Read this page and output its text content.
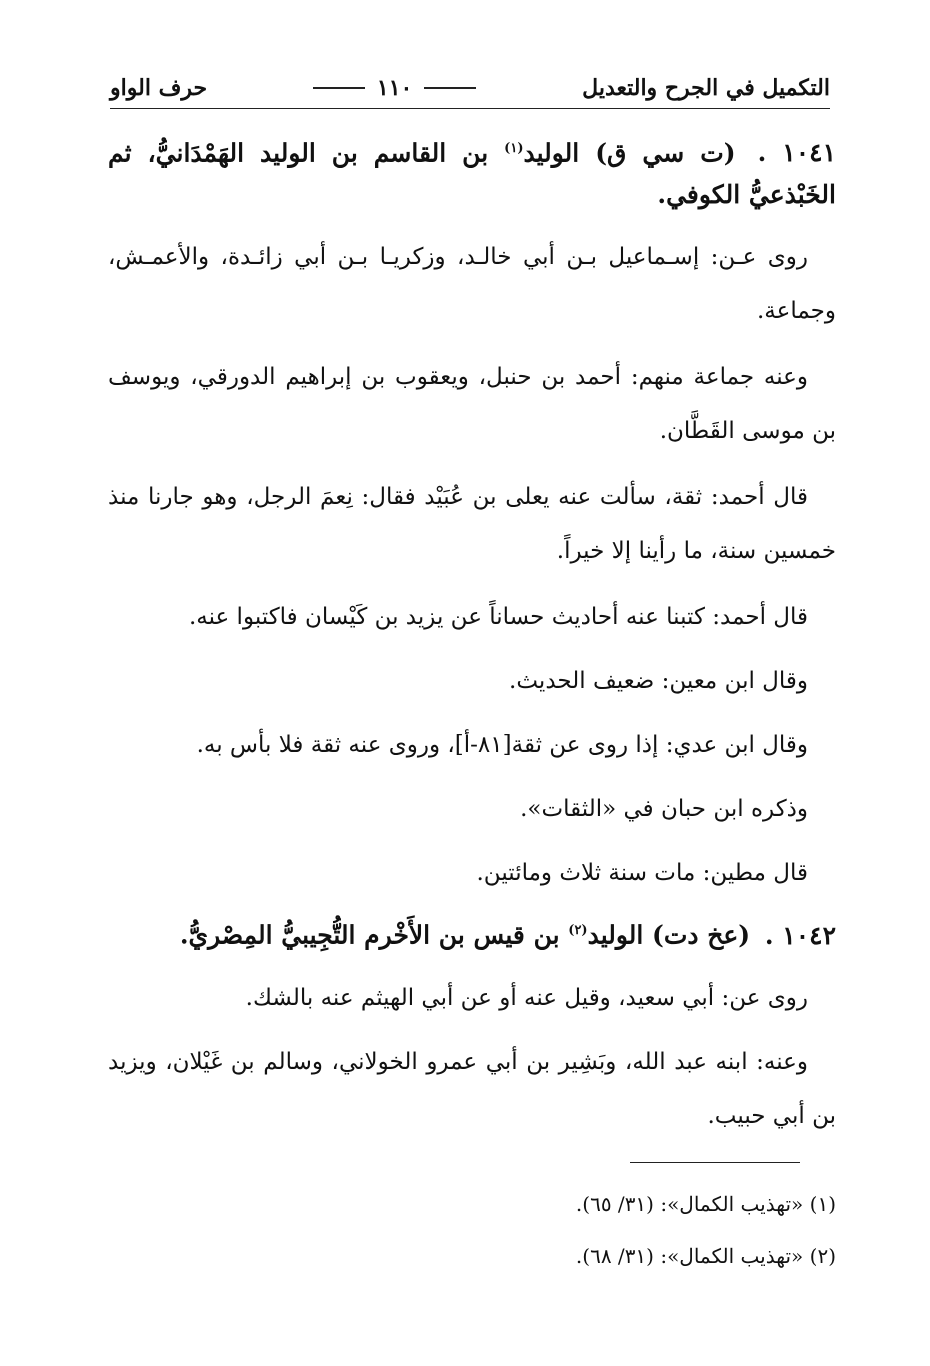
التكميل في الجرح والتعديل
١١٠
حرف الواو
١٠٤١ . (ت سي ق) الوليد$^{(١)}$ بن القاسم بن الوليد الهَمْدَانيُّ، ثم الخَبْذعيُّ الكوفي.

روى عـن: إسـماعيل بـن أبي خالـد، وزكريـا بـن أبي زائـدة، والأعمـش، وجماعة.

وعنه جماعة منهم: أحمد بن حنبل، ويعقوب بن إبراهيم الدورقي، ويوسف بن موسى القَطَّان.

قال أحمد: ثقة، سألت عنه يعلى بن عُبَيْد فقال: نِعمَ الرجل، وهو جارنا منذ خمسين سنة، ما رأينا إلا خيراً.

قال أحمد: كتبنا عنه أحاديث حساناً عن يزيد بن كَيْسان فاكتبوا عنه.

وقال ابن معين: ضعيف الحديث.

وقال ابن عدي: إذا روى عن ثقة[٨١-أ]، وروى عنه ثقة فلا بأس به.

وذكره ابن حبان في «الثقات».

قال مطين: مات سنة ثلاث ومائتين.

١٠٤٢ . (عخ دت) الوليد$^{(٢)}$ بن قيس بن الأَخْرم التُّجِيبيُّ المِصْريُّ.

روى عن: أبي سعيد، وقيل عنه أو عن أبي الهيثم عنه بالشك.

وعنه: ابنه عبد الله، وبَشِير بن أبي عمرو الخولاني، وسالم بن غَيْلان، ويزيد بن أبي حبيب.

(١) «تهذيب الكمال»: (٣١/ ٦٥).
(٢) «تهذيب الكمال»: (٣١/ ٦٨).
